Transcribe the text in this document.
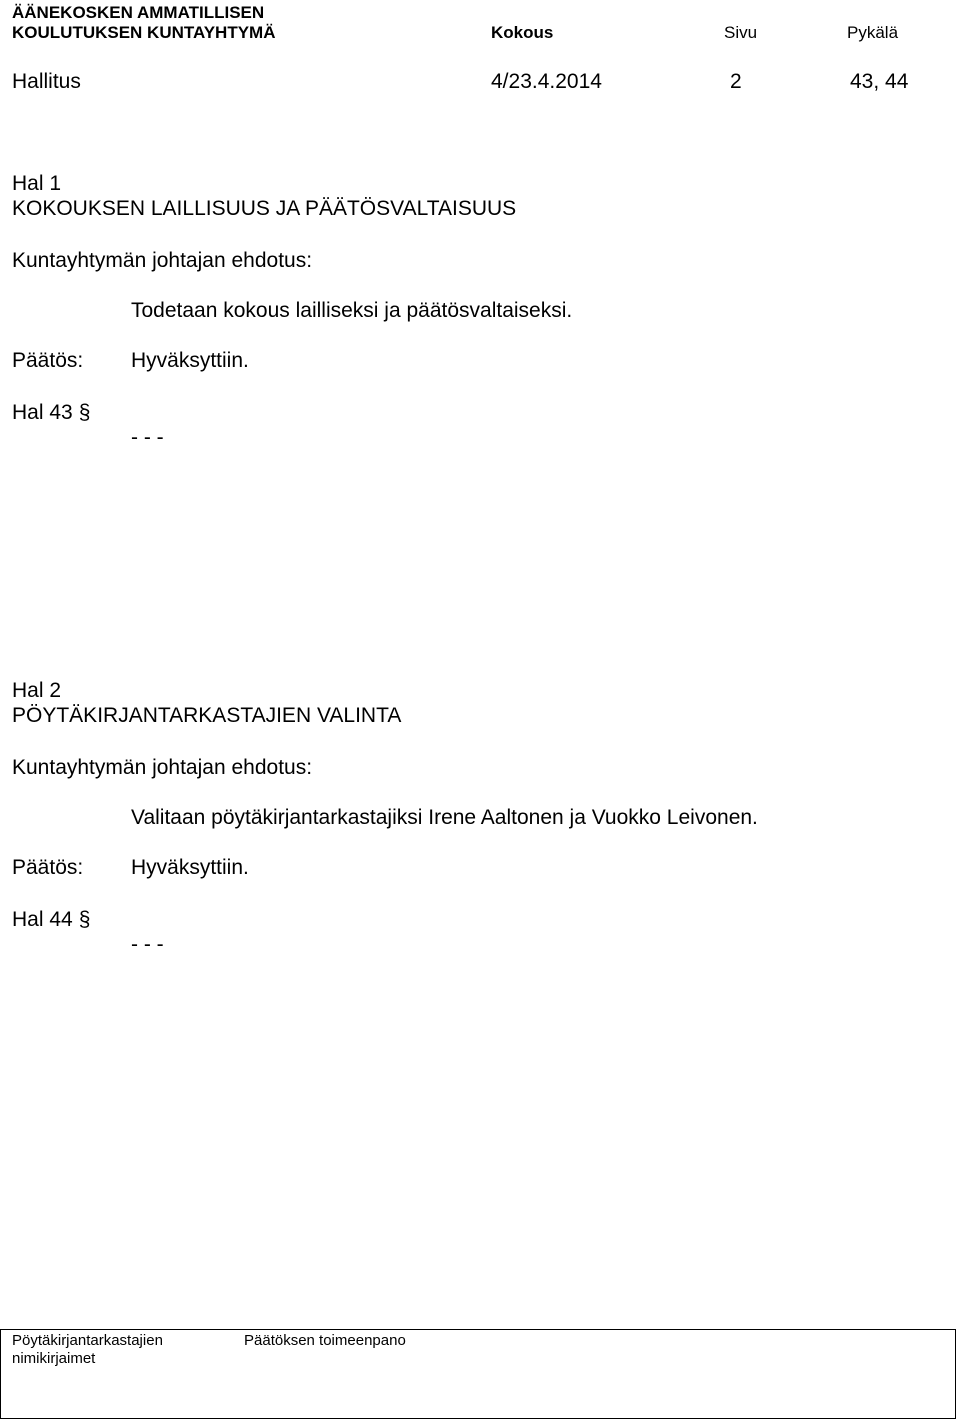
ÄÄNEKOSKEN AMMATILLISEN
KOULUTUKSEN KUNTAYHTYMÄ	Kokous	Sivu	Pykälä
Hallitus	4/23.4.2014	2	43, 44
Hal 1
KOKOUKSEN LAILLISUUS JA PÄÄTÖSVALTAISUUS
Kuntayhtymän johtajan ehdotus:
Todetaan kokous lailliseksi ja päätösvaltaiseksi.
Päätös: Hyväksyttiin.
Hal 43 §
- - -
Hal 2
PÖYTÄKIRJANTARKASTAJIEN VALINTA
Kuntayhtymän johtajan ehdotus:
Valitaan pöytäkirjantarkastajiksi Irene Aaltonen ja Vuokko Leivonen.
Päätös: Hyväksyttiin.
Hal 44 §
- - -
Pöytäkirjantarkastajien
nimikirjaimet
Päätöksen toimeenpano
